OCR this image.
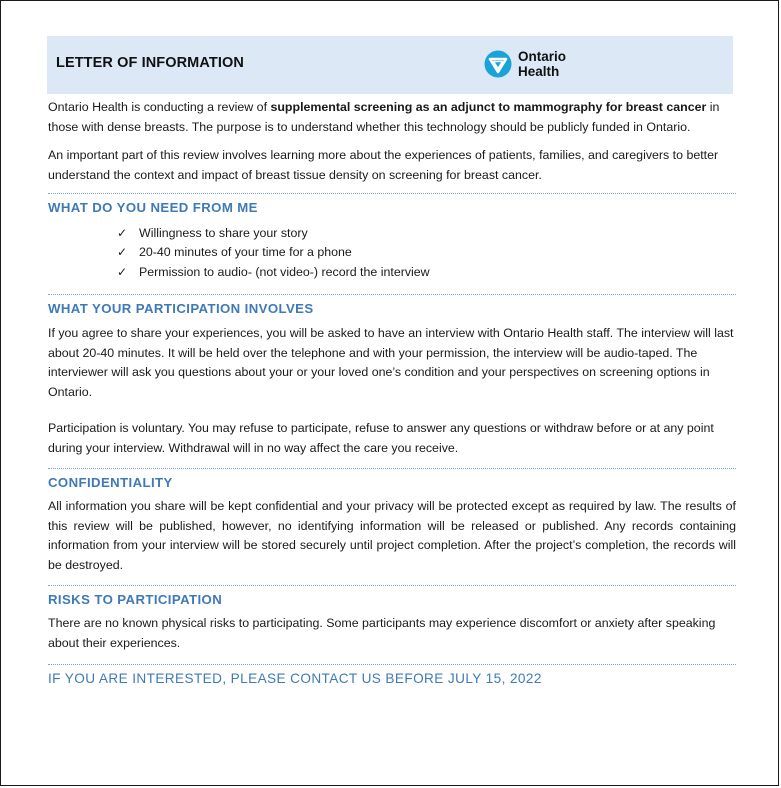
LETTER OF INFORMATION	Ontario
Health

Ontario Health is conducting a review of supplemental screening as an adjunct to mammography for breast cancer in those with dense breasts. The purpose is to understand whether this technology should be publicly funded in Ontario.

An important part of this review involves learning more about the experiences of patients, families, and caregivers to better understand the context and impact of breast tissue density on screening for breast cancer.

WHAT DO YOU NEED FROM ME
✓ Willingness to share your story
✓ 20-40 minutes of your time for a phone
✓ Permission to audio- (not video-) record the interview
WHAT YOUR PARTICIPATION INVOLVES

If you agree to share your experiences, you will be asked to have an interview with Ontario Health staff. The interview will last about 20-40 minutes. It will be held over the telephone and with your permission, the interview will be audio-taped. The interviewer will ask you questions about your or your loved one’s condition and your perspectives on screening options in Ontario.

Participation is voluntary. You may refuse to participate, refuse to answer any questions or withdraw before or at any point during your interview. Withdrawal will in no way affect the care you receive.

CONFIDENTIALITY

All information you share will be kept confidential and your privacy will be protected except as required by law. The results of this review will be published, however, no identifying information will be released or published. Any records containing information from your interview will be stored securely until project completion. After the project’s completion, the records will be destroyed.

RISKS TO PARTICIPATION

There are no known physical risks to participating. Some participants may experience discomfort or anxiety after speaking about their experiences.

IF YOU ARE INTERESTED, PLEASE CONTACT US BEFORE JULY 15, 2022
